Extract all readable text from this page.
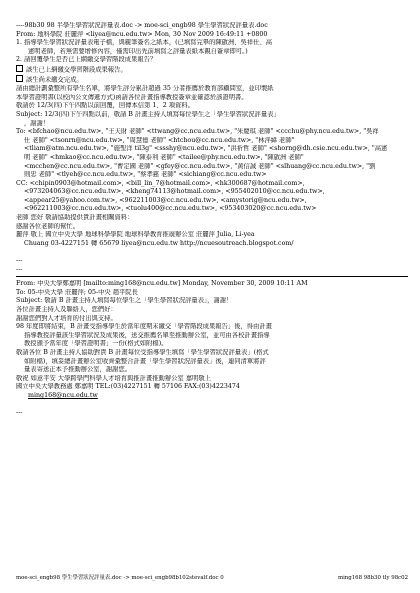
----98b30 98 半學生學習狀況評量表.doc -> moe-sci_engb98 學生學習狀況評量表.doc
From: 地科學院 莊麗萍 <liyea@ncu.edu.tw> Mon, 30 Nov 2009 16:49:11 +0800
1. 指導學生學習狀況評量表電子檔，與親筆簽名之紙本，(已填寫完畢的陳啟洲、吳祥仕、高
憲明老師，若無需要增修內容，僅需印出先前填寫之評量表紙本親自簽章即可。)
2. 請回覆學生是否已上網繳交學習階段成果報告？
該生已上網繳交學習階段成果報告。
該生尚未繳交完成。
請由總計劃彙整所有學生名單，將學生評分累計超過 35 分者推薦於教育部顧問室，並印製紙
本學習證明書(以校內公文傳遞方式)函請各位計畫指導教授簽章並確認於該證明書。
敬請於 12/3(四)下午四點以前回覆，回傳本信第 1、2 項資料。
Subject: 12/3(四)下午四點以前，敬請 B 計畫主持人填寫每位學生之「學生學習狀況評量表」
，謝謝！
To: <bfchao@ncu.edu.tw>, "王天財 老師" <ttwang@cc.ncu.edu.tw>, "朱慶琪 老師" <ccchu@phy.ncu.edu.tw>, "吳祥
仕 老師" <tsonrn@ncu.edu.tw>, "周慧德 老師" <htchou@cc.ncu.edu.tw>, "林泮緯 老師"
<tliam@atm.ncu.edu.tw>, "施聖洋 til3g" <ssshy@ncu.edu.tw>, "洪祈哲 老師" <shorng@dh.csie.ncu.edu.tw>, "高憲
明 老師" <hmkao@cc.ncu.edu.tw>, "陳泰利 老師" <tailee@phy.ncu.edu.tw>, "陳啟洲 老師"
<mcchen@cc.ncu.edu.tw>, "曹定國 老師" <gfey@cc.ncu.edu.tw>, "黃信誠 老師" <slhuang@cc.ncu.edu.tw>, "劉
則忠 老師" <tlyeh@cc.ncu.edu.tw>, "蔡孝慈 老師" <sichiang@cc.ncu.edu.tw>
CC: <chipin0903@hotmail.com>, <bill_lin_7@hotmail.com>, <hk300687@hotmail.com>,
<973204063@cc.ncu.edu.tw>, <kheng74113@hotmail.com>, <955402010@cc.ncu.edu.tw>,
<appear25@yahoo.com.tw>, <962211003@cc.ncu.edu.tw>, <amystorig@ncu.edu.tw>,
<962211003@cc.ncu.edu.tw>, <tuolu400@cc.ncu.edu.tw>, <953403020@cc.ncu.edu.tw>
老師 您好 敬請協助提供貴計畫相關資料：
感謝各位老師的幫忙。
麗萍 敬上 國立中央大學 地球科學學院 地球科學教育推廣辦公室 莊麗萍 Julia, Li-yea
Chuang 03-4227151 轉 65679 liyea@ncu.edu.tw http://ncuesoutreach.blogspot.com/
---
---
From: 中央大學鄭嘉明 [mailto:ming168@ncu.edu.tw] Monday, November 30, 2009 10:11 AM
To: 05-中央大學 莊麗萍; 05-中央 趙平院長
Subject: 敬請 B 計畫主持人填寫每位學生之「學生學習狀況評量表」，謝謝！
各位計畫主持人及聯絡人，您們好：
謝謝您們對人才培育的付出與支持。
98 年度即將結束，B 計畫受指導學生於當年度期末繳交「學習階段成果報告」後，得由計畫
指導教授評量該生學習狀況及成果後，送交推薦名單至推動辦公室，並可由各校計畫指導
教授頒予當年度「學習證明書」一份(格式如附檔)。
敬請各位 B 計畫主持人協助對貴 B 計畫每位受指導學生填寫「學生學習狀況評量表」(格式
如附檔)，填妥總計畫辦公室收齊彙整合計畫「學生學習狀況評量表」後，連同清單將評
量表寄送正本予推動辦公室，謝謝您。
敬祝 如意平安 大學跨學門科學人才培育與推計畫推動辦公室 嘉明敬上
國立中央大學教務處 鄭嘉明 TEL:(03)4227151 轉 57106 FAX:(03)4223474
ming168@ncu.edu.tw
---
moe-sci_engb98 學生學習狀況評量表.doc -> moe-sci_engb98b102stevalf.doc 0	ming168 98b30 tly 98c02
